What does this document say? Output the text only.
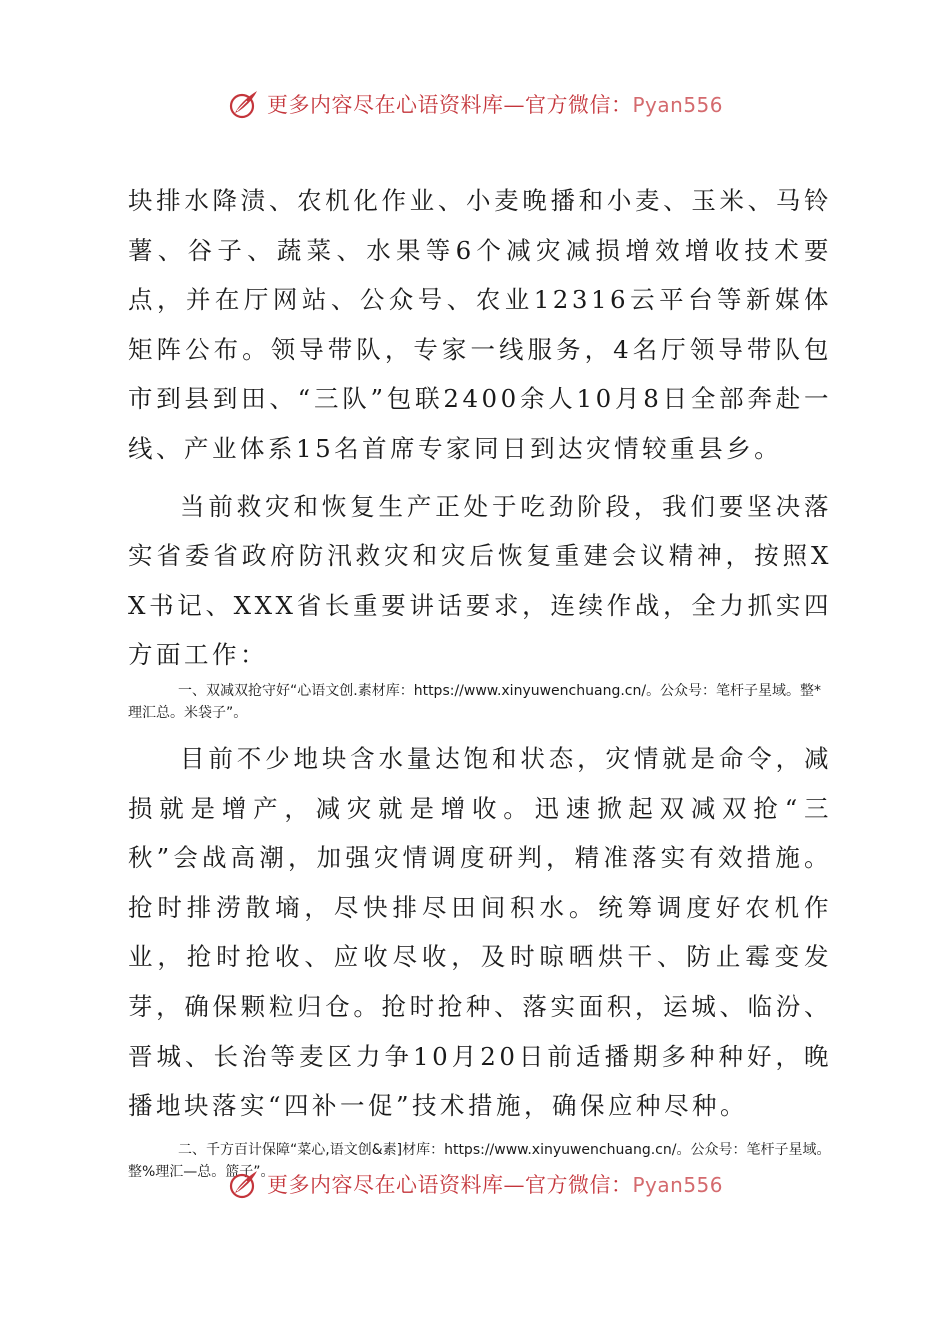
更多内容尽在心语资料库—官方微信：Pyan556

块排水降渍、农机化作业、小麦晚播和小麦、玉米、马铃薯、谷子、蔬菜、水果等6个减灾减损增效增收技术要点，并在厅网站、公众号、农业12316云平台等新媒体矩阵公布。领导带队，专家一线服务，4名厅领导带队包市到县到田、“三队”包联2400余人10月8日全部奔赴一线、产业体系15名首席专家同日到达灾情较重县乡。

当前救灾和恢复生产正处于吃劲阶段，我们要坚决落实省委省政府防汛救灾和灾后恢复重建会议精神，按照XX书记、XXX省长重要讲话要求，连续作战，全力抓实四方面工作：

一、双减双抢守好“心语文创.素材库：https://www.xinyuwenchuang.cn/。公众号：笔杆子星域。整*理汇总。米袋子”。

目前不少地块含水量达饱和状态，灾情就是命令，减损就是增产，减灾就是增收。迅速掀起双减双抢“三秋”会战高潮，加强灾情调度研判，精准落实有效措施。抢时排涝散墒，尽快排尽田间积水。统筹调度好农机作业，抢时抢收、应收尽收，及时晾晒烘干、防止霉变发芽，确保颗粒归仓。抢时抢种、落实面积，运城、临汾、晋城、长治等麦区力争10月20日前适播期多种种好，晚播地块落实“四补一促”技术措施，确保应种尽种。

二、千方百计保障“菜心,语文创&素]材库：https://www.xinyuwenchuang.cn/。公众号：笔杆子星域。整%理汇—总。篮子”。

更多内容尽在心语资料库—官方微信：Pyan556
